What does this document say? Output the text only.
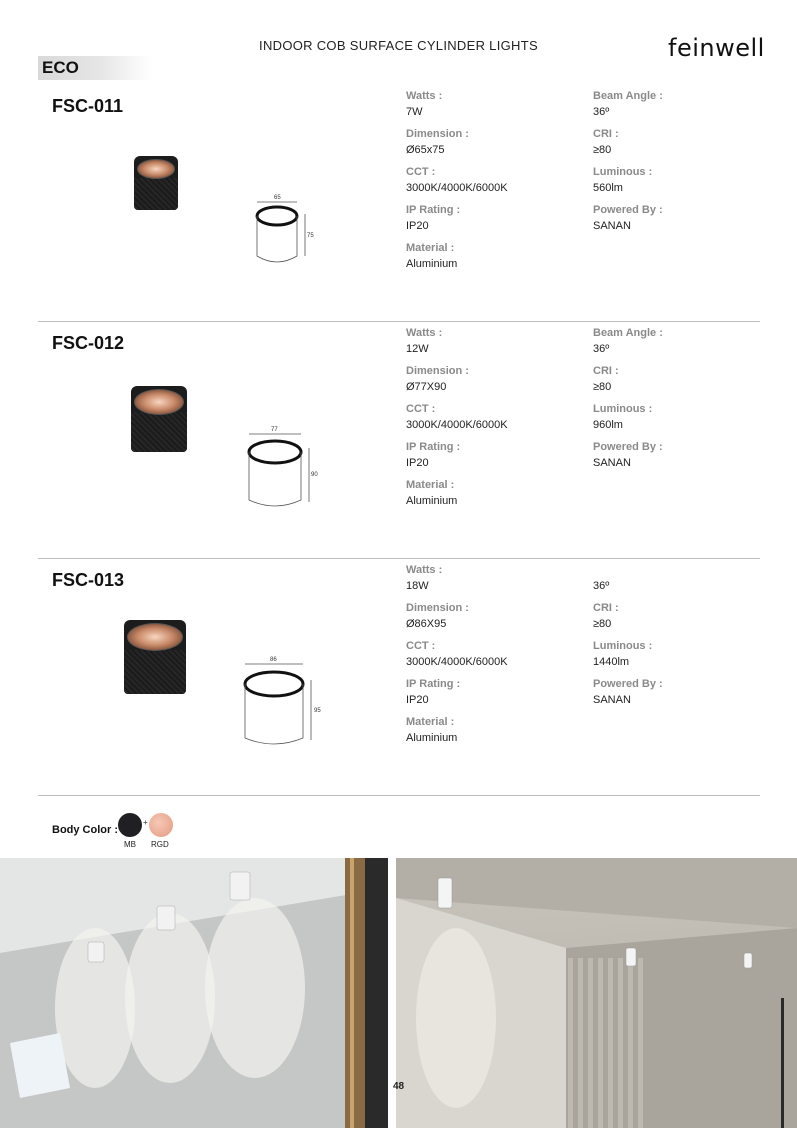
INDOOR COB SURFACE CYLINDER LIGHTS	feinwell
ECO
FSC-011
65
75
Watts :
7W
Dimension :
Ø65x75
CCT :
3000K/4000K/6000K
IP Rating :
IP20
Material :
Aluminium
Beam Angle :
36º
CRI :
≥80
Luminous :
560lm
Powered By :
SANAN
FSC-012
77
90
Watts :
12W
Dimension :
Ø77X90
CCT :
3000K/4000K/6000K
IP Rating :
IP20
Material :
Aluminium
Beam Angle :
36º
CRI :
≥80
Luminous :
960lm
Powered By :
SANAN
FSC-013
86
95
Watts :
18W
Dimension :
Ø86X95
CCT :
3000K/4000K/6000K
IP Rating :
IP20
Material :
Aluminium
36º
CRI :
≥80
Luminous :
1440lm
Powered By :
SANAN
Body Color :
+
MB RGD
48
